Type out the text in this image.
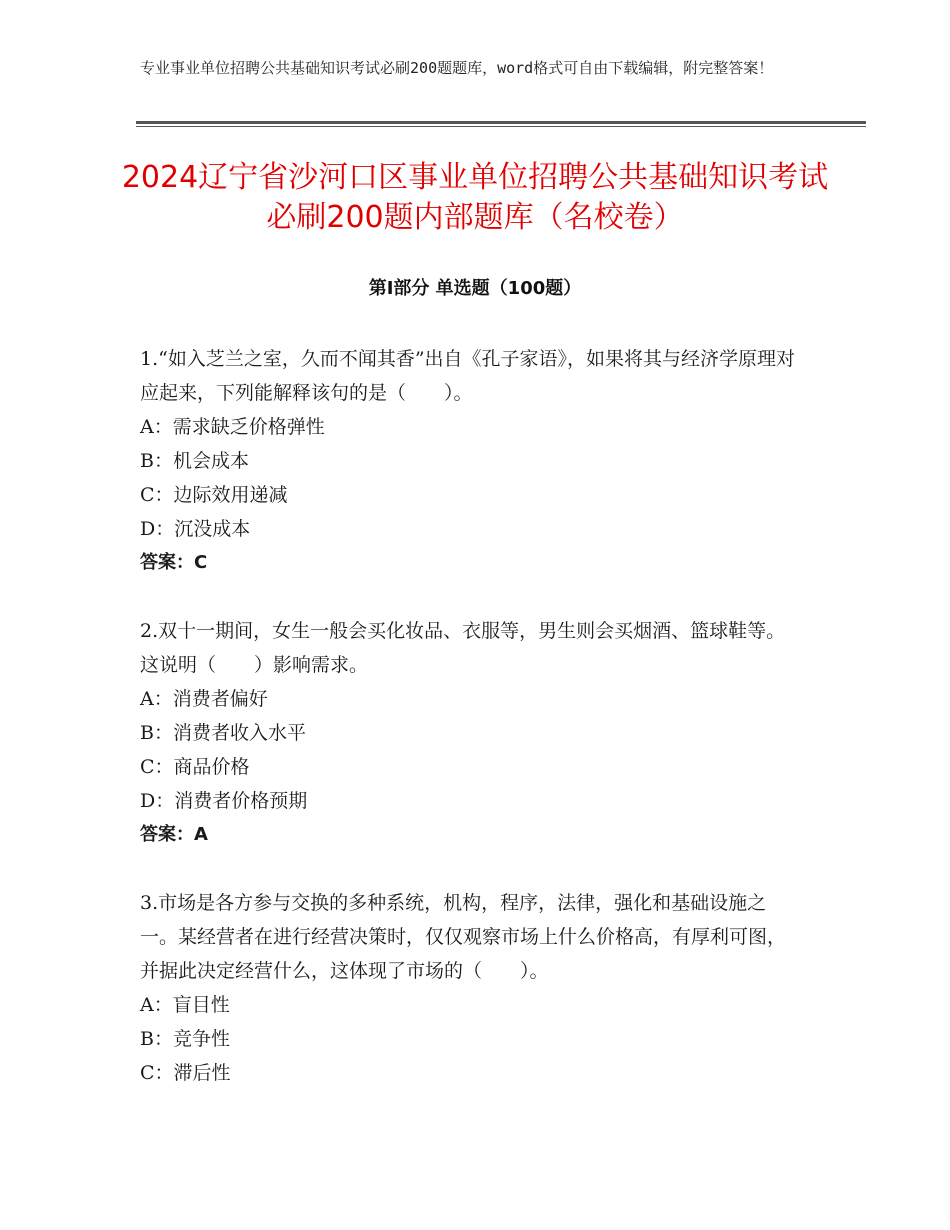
专业事业单位招聘公共基础知识考试必刷200题题库，word格式可自由下载编辑，附完整答案！
2024辽宁省沙河口区事业单位招聘公共基础知识考试必刷200题内部题库（名校卷）
第Ⅰ部分 单选题（100题）

1.“如入芝兰之室，久而不闻其香”出自《孔子家语》，如果将其与经济学原理对应起来，下列能解释该句的是（　　）。

A：需求缺乏价格弹性

B：机会成本

C：边际效用递减

D：沉没成本

答案：C

2.双十一期间，女生一般会买化妆品、衣服等，男生则会买烟酒、篮球鞋等。这说明（　　）影响需求。

A：消费者偏好

B：消费者收入水平

C：商品价格

D：消费者价格预期

答案：A

3.市场是各方参与交换的多种系统，机构，程序，法律，强化和基础设施之一。某经营者在进行经营决策时，仅仅观察市场上什么价格高，有厚利可图，并据此决定经营什么，这体现了市场的（　　）。

A：盲目性

B：竞争性

C：滞后性
